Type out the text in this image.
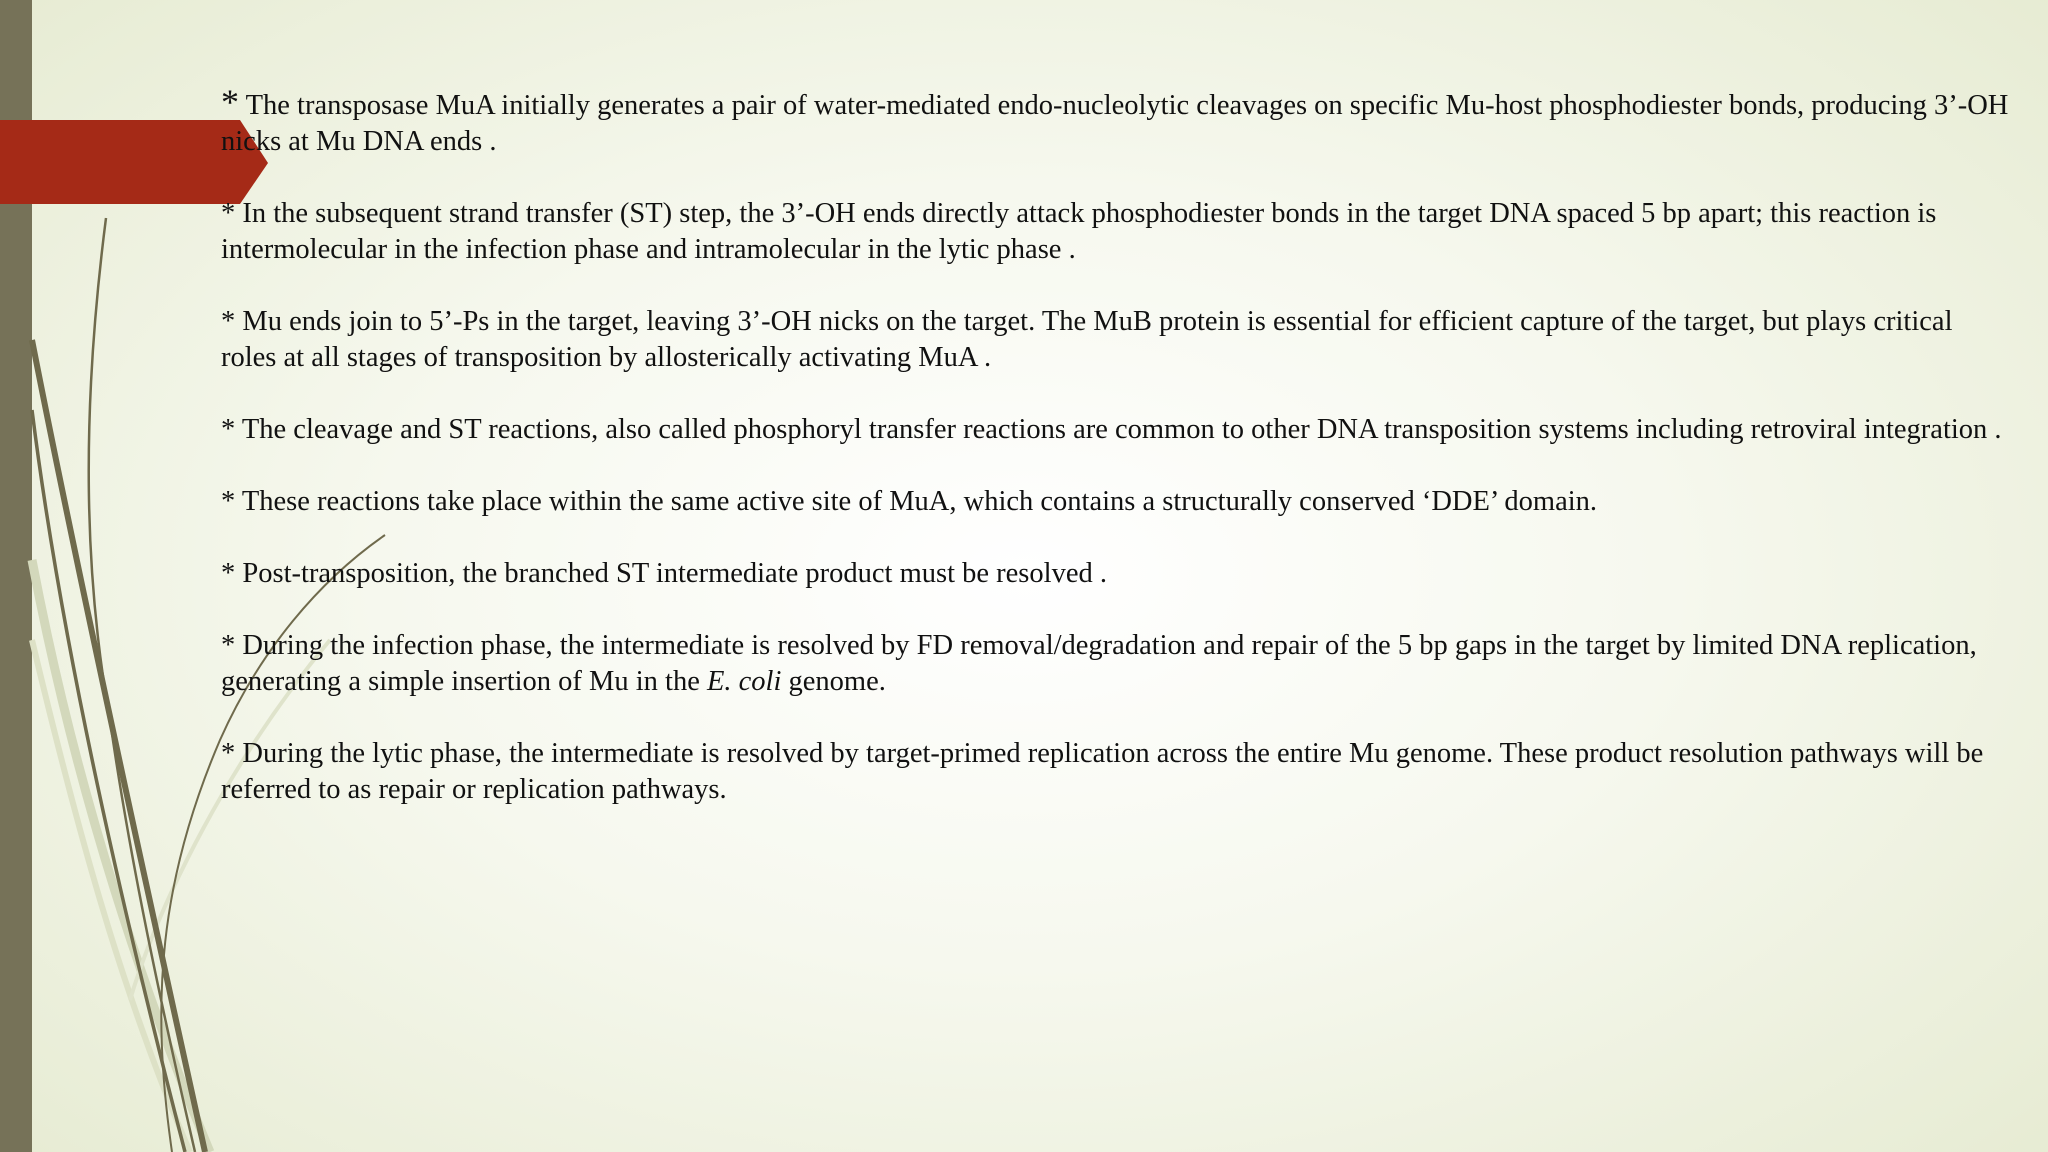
* The transposase MuA initially generates a pair of water-mediated endo-nucleolytic cleavages on specific Mu-host phosphodiester bonds, producing 3’-OH nicks at Mu DNA ends .

* In the subsequent strand transfer (ST) step, the 3’-OH ends directly attack phosphodiester bonds in the target DNA spaced 5 bp apart; this reaction is intermolecular in the infection phase and intramolecular in the lytic phase .

* Mu ends join to 5’-Ps in the target, leaving 3’-OH nicks on the target. The MuB protein is essential for efficient capture of the target, but plays critical roles at all stages of transposition by allosterically activating MuA .

* The cleavage and ST reactions, also called phosphoryl transfer reactions are common to other DNA transposition systems including retroviral integration .

* These reactions take place within the same active site of MuA, which contains a structurally conserved ‘DDE’ domain.

* Post-transposition, the branched ST intermediate product must be resolved .

* During the infection phase, the intermediate is resolved by FD removal/degradation and repair of the 5 bp gaps in the target by limited DNA replication, generating a simple insertion of Mu in the E. coli genome.

* During the lytic phase, the intermediate is resolved by target-primed replication across the entire Mu genome. These product resolution pathways will be referred to as repair or replication pathways.
